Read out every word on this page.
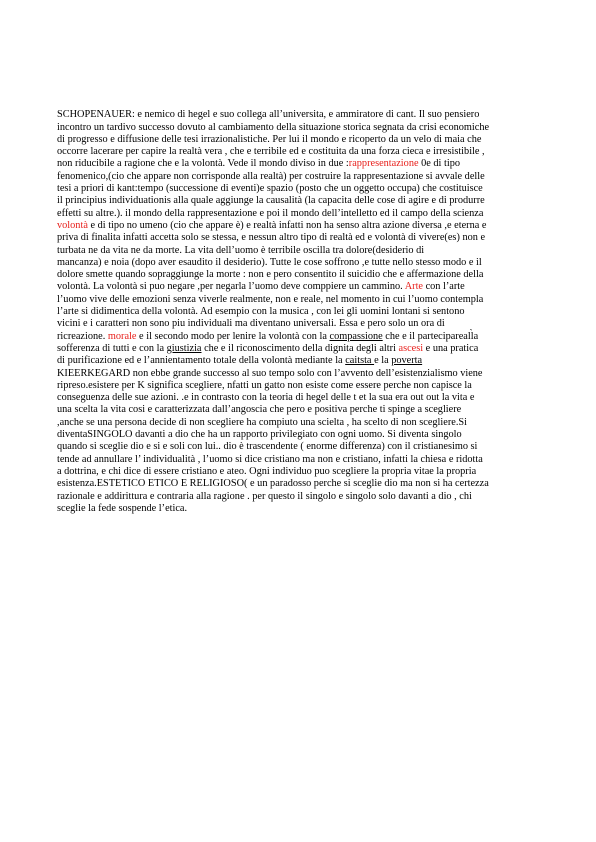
SCHOPENAUER: e nemico di hegel e suo collega all’universita, e ammiratore di cant. Il suo pensiero
incontro un tardivo successo dovuto al cambiamento della situazione storica segnata da crisi economiche
di progresso e diffusione delle tesi irrazionalistiche. Per lui il mondo e ricoperto da un velo di maia che
occorre lacerare per capire la realtà vera , che e terribile ed e costituita da una forza cieca e irresistibile ,
non riducibile a ragione che e la volontà. Vede il mondo diviso in due :rappresentazione 0e di tipo
fenomenico,(cio che appare non corrisponde alla realtà) per costruire la rappresentazione si avvale delle
tesi a priori di kant:tempo (successione di eventi)e spazio (posto che un oggetto occupa) che costituisce
il principius individuationis alla quale aggiunge la causalità (la capacita delle cose di agire e di produrre
effetti su altre.). il mondo della rappresentazione e poi il mondo dell’intelletto ed il campo della scienza
volontà e di tipo no umeno (cio che appare è) e realtà infatti non ha senso altra azione diversa ,e eterna e
priva di finalita infatti accetta solo se stessa, e nessun altro tipo di realtà ed e volontà di vivere(es) non e
turbata ne da vita ne da morte. La vita dell’uomo è terribile oscilla tra dolore(desiderio di
mancanza) e noia (dopo aver esaudito il desiderio). Tutte le cose soffrono ,e tutte nello stesso modo e il
dolore smette quando sopraggiunge la morte : non e pero consentito il suicidio che e affermazione della
volontà. La volontà si puo negare ,per negarla l’uomo deve comppiere un cammino. Arte con l’arte
l’uomo vive delle emozioni senza viverle realmente, non e reale, nel momento in cui l’uomo contempla
l’arte si didimentica della volontà. Ad esempio con la musica , con lei gli uomini lontani si sentono
vicini e i caratteri non sono piu individuali ma diventano universali. Essa e pero solo un ora di
ricreazione. morale e il secondo modo per lenire la volontà con la compassione che e il partecipareall̀a
sofferenza di tutti e con la giustizia che e il riconoscimento della dignita degli altri ascesi e una pratica
di purificazione ed e l’annientamento totale della volontà mediante la caitsta e la poverta
KIEERKEGARD non ebbe grande successo al suo tempo solo con l’avvento dell’esistenzialismo viene
ripreso.esistere per K significa scegliere, nfatti un gatto non esiste come essere perche non capisce la
conseguenza delle sue azioni. .e in contrasto con la teoria di hegel delle t et la sua era out out la vita e
una scelta la vita cosi e caratterizzata dall’angoscia che pero e positiva perche ti spinge a scegliere
,anche se una persona decide di non scegliere ha compiuto una scielta , ha scelto di non scegliere.Si
diventaSINGOLO davanti a dio che ha un rapporto privilegiato con ogni uomo. Si diventa singolo
quando si sceglie dio e si e soli con lui.. dio è trascendente ( enorme differenza) con il cristianesimo si
tende ad annullare l’ individualità , l’uomo si dice cristiano ma non e cristiano, infatti la chiesa e ridotta
a dottrina, e chi dice di essere cristiano e ateo. Ogni individuo puo scegliere la propria vitae la propria
esistenza.ESTETICO ETICO E RELIGIOSO( e un paradosso perche si sceglie dio ma non si ha certezza
razionale e addirittura e contraria alla ragione . per questo il singolo e singolo solo davanti a dio , chi
sceglie la fede sospende l’etica.
